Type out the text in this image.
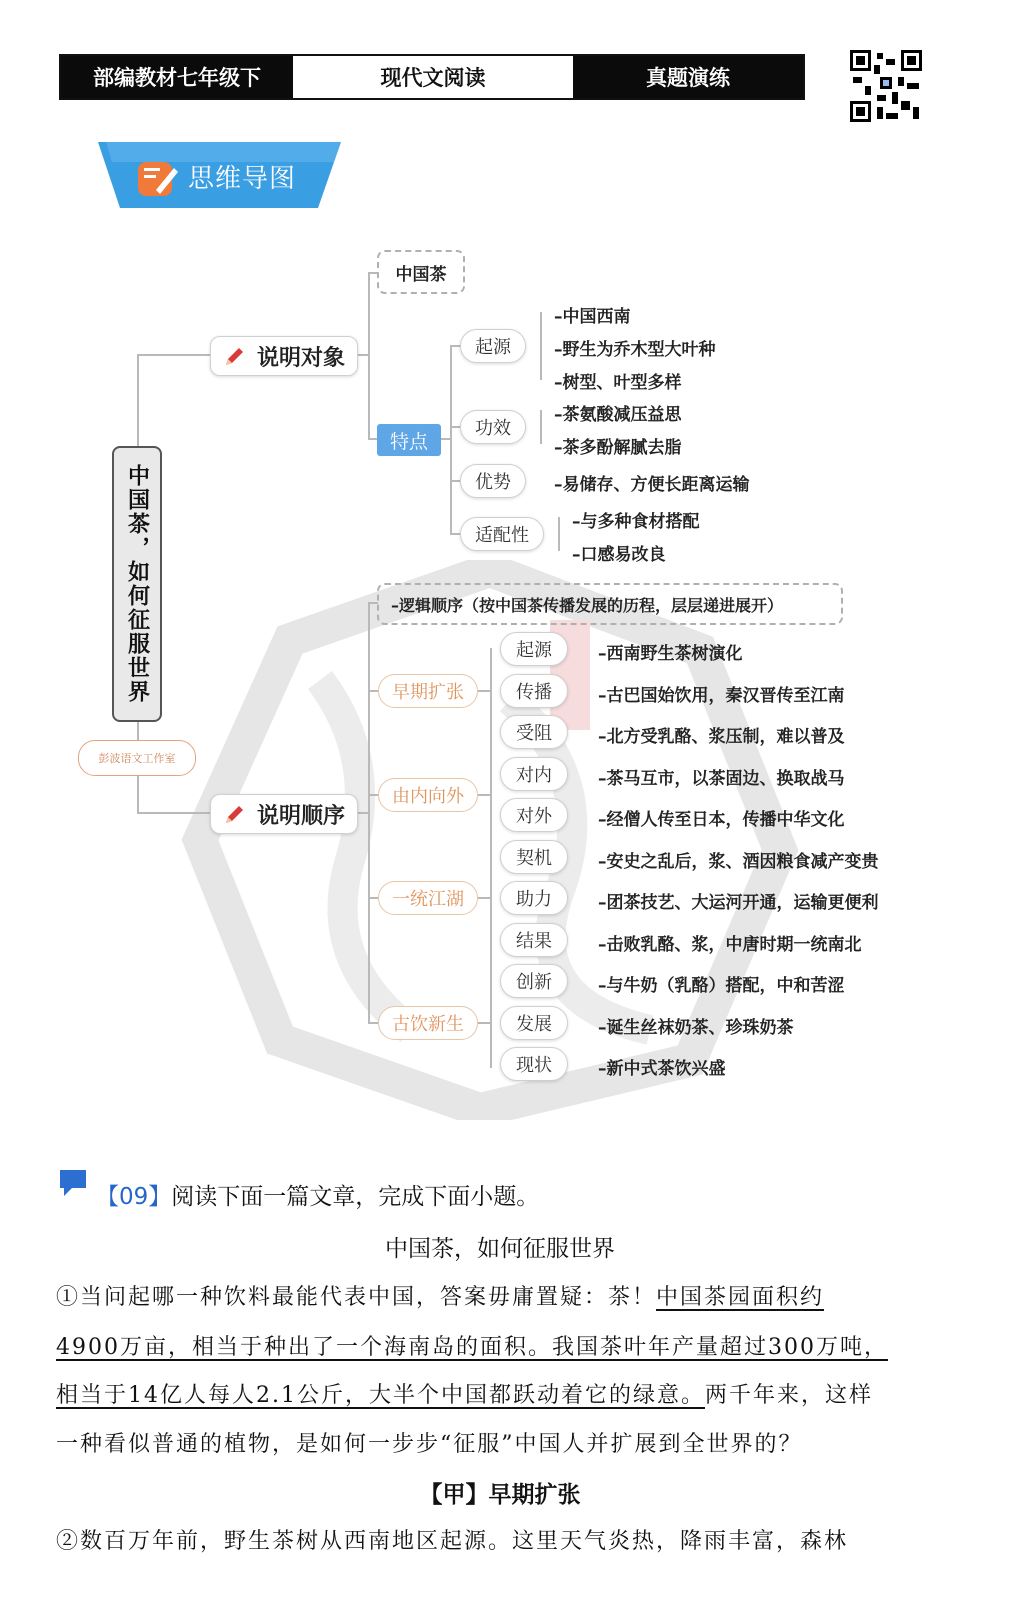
部编教材七年级下	现代文阅读	真题演练
思维导图
中国茶，如何征服世界
彭波语文工作室
说明对象
中国茶
特点
起源
功效
优势
适配性
–中国西南
–野生为乔木型大叶种
–树型、叶型多样
–茶氨酸减压益思
–茶多酚解腻去脂
–易储存、方便长距离运输
–与多种食材搭配
–口感易改良
说明顺序
–逻辑顺序（按中国茶传播发展的历程，层层递进展开）
早期扩张
由内向外
一统江湖
古饮新生
起源	–西南野生茶树演化
传播	–古巴国始饮用，秦汉晋传至江南
受阻	–北方受乳酪、浆压制，难以普及
对内	–茶马互市，以茶固边、换取战马
对外	–经僧人传至日本，传播中华文化
契机	–安史之乱后，浆、酒因粮食减产变贵
助力	–团茶技艺、大运河开通，运输更便利
结果	–击败乳酪、浆，中唐时期一统南北
创新	–与牛奶（乳酪）搭配，中和苦涩
发展	–诞生丝袜奶茶、珍珠奶茶
现状	–新中式茶饮兴盛
【09】阅读下面一篇文章，完成下面小题。
中国茶，如何征服世界
①当问起哪一种饮料最能代表中国，答案毋庸置疑：茶！中国茶园面积约
4900万亩，相当于种出了一个海南岛的面积。我国茶叶年产量超过300万吨，
相当于14亿人每人2.1公斤，大半个中国都跃动着它的绿意。两千年来，这样
一种看似普通的植物，是如何一步步“征服”中国人并扩展到全世界的？
【甲】早期扩张
②数百万年前，野生茶树从西南地区起源。这里天气炎热，降雨丰富，森林
